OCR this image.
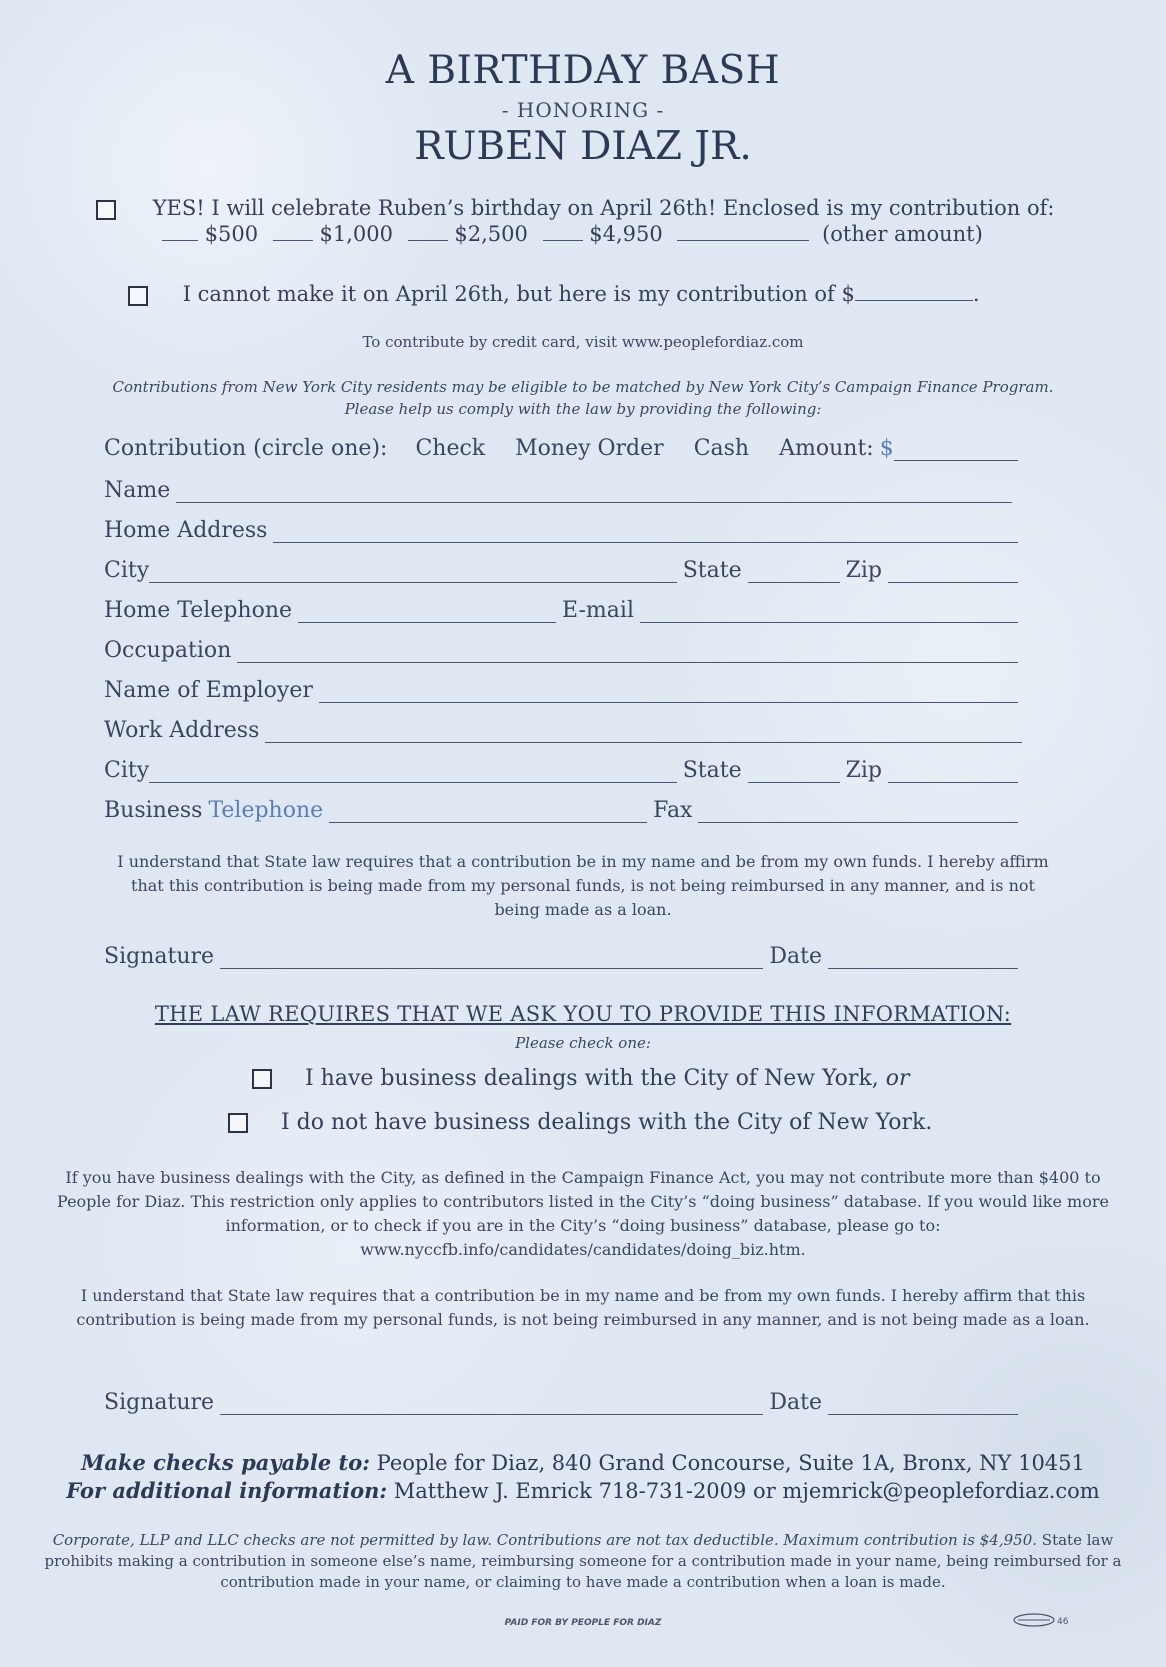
A BIRTHDAY BASH
- HONORING -
RUBEN DIAZ JR.
YES! I will celebrate Ruben’s birthday on April 26th! Enclosed is my contribution of:
$500	$1,000	$2,500	$4,950	(other amount)
I cannot make it on April 26th, but here is my contribution of $	.
To contribute by credit card, visit www.peoplefordiaz.com
Contributions from New York City residents may be eligible to be matched by New York City’s Campaign Finance Program. Please help us comply with the law by providing the following:
Contribution (circle one): Check Money Order Cash Amount: $
Name
Home Address
City	State	Zip
Home Telephone	E-mail
Occupation
Name of Employer
Work Address
City	State	Zip
Business Telephone	Fax
I understand that State law requires that a contribution be in my name and be from my own funds. I hereby affirm that this contribution is being made from my personal funds, is not being reimbursed in any manner, and is not being made as a loan.
Signature	Date
THE LAW REQUIRES THAT WE ASK YOU TO PROVIDE THIS INFORMATION:
Please check one:
I have business dealings with the City of New York, or
I do not have business dealings with the City of New York.
If you have business dealings with the City, as defined in the Campaign Finance Act, you may not contribute more than $400 to People for Diaz. This restriction only applies to contributors listed in the City’s “doing business” database. If you would like more information, or to check if you are in the City’s “doing business” database, please go to: www.nyccfb.info/candidates/candidates/doing_biz.htm.
I understand that State law requires that a contribution be in my name and be from my own funds. I hereby affirm that this contribution is being made from my personal funds, is not being reimbursed in any manner, and is not being made as a loan.
Signature	Date
Make checks payable to: People for Diaz, 840 Grand Concourse, Suite 1A, Bronx, NY 10451
For additional information: Matthew J. Emrick 718-731-2009 or mjemrick@peoplefordiaz.com
Corporate, LLP and LLC checks are not permitted by law. Contributions are not tax deductible. Maximum contribution is $4,950. State law prohibits making a contribution in someone else’s name, reimbursing someone for a contribution made in your name, being reimbursed for a contribution made in your name, or claiming to have made a contribution when a loan is made.
PAID FOR BY PEOPLE FOR DIAZ	46
